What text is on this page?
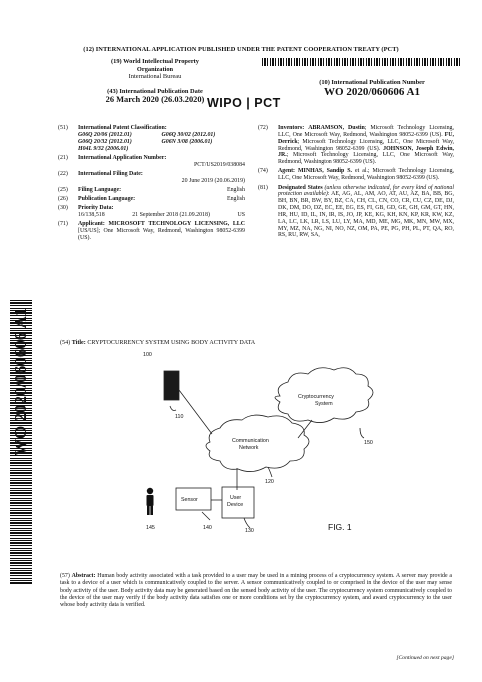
(12) INTERNATIONAL APPLICATION PUBLISHED UNDER THE PATENT COOPERATION TREATY (PCT)
(19) World Intellectual Property
Organization
International Bureau
(43) International Publication Date
26 March 2020 (26.03.2020) WIPO | PCT
(10) International Publication Number
WO 2020/060606 A1
(51) International Patent Classification:
G06Q 20/06 (2012.01)	G06Q 30/02 (2012.01)
G06Q 20/32 (2012.01)	G06N 3/08 (2006.01)
H04L 9/32 (2006.01)
(21) International Application Number:
PCT/US2019/038084
(22) International Filing Date:
20 June 2019 (20.06.2019)
(25) Filing Language:	English
(26) Publication Language:	English
(30) Priority Data:
16/138,518	21 September 2018 (21.09.2018)	US
(71) Applicant: MICROSOFT TECHNOLOGY LICENSING, LLC [US/US]; One Microsoft Way, Redmond, Washington 98052-6399 (US).
(72) Inventors: ABRAMSON, Dustin; Microsoft Technology Licensing, LLC, One Microsoft Way, Redmond, Washington 98052-6399 (US). FU, Derrick; Microsoft Technology Licensing, LLC, One Microsoft Way, Redmond, Washington 98052-6399 (US). JOHNSON, Joseph Edwin, JR.; Microsoft Technology Licensing, LLC, One Microsoft Way, Redmond, Washington 98052-6399 (US).
(74) Agent: MINHAS, Sandip S. et al.; Microsoft Technology Licensing, LLC, One Microsoft Way, Redmond, Washington 98052-6399 (US).
(81) Designated States (unless otherwise indicated, for every kind of national protection available): AE, AG, AL, AM, AO, AT, AU, AZ, BA, BB, BG, BH, BN, BR, BW, BY, BZ, CA, CH, CL, CN, CO, CR, CU, CZ, DE, DJ, DK, DM, DO, DZ, EC, EE, EG, ES, FI, GB, GD, GE, GH, GM, GT, HN, HR, HU, ID, IL, IN, IR, IS, JO, JP, KE, KG, KH, KN, KP, KR, KW, KZ, LA, LC, LK, LR, LS, LU, LY, MA, MD, ME, MG, MK, MN, MW, MX, MY, MZ, NA, NG, NI, NO, NZ, OM, PA, PE, PG, PH, PL, PT, QA, RO, RS, RU, RW, SA,
WO 2020/060606 A1	(54) Title: CRYPTOCURRENCY SYSTEM USING BODY ACTIVITY DATA
100
110
Cryptocurrency
System
150
Communication
Network
120
Sensor	User
Device
145	140	130	FIG. 1
(57) Abstract: Human body activity associated with a task provided to a user may be used in a mining process of a cryptocurrency system. A server may provide a task to a device of a user which is communicatively coupled to the server. A sensor communicatively coupled to or comprised in the device of the user may sense body activity of the user. Body activity data may be generated based on the sensed body activity of the user. The cryptocurrency system communicatively coupled to the device of the user may verify if the body activity data satisfies one or more conditions set by the cryptocurrency system, and award cryptocurrency to the user whose body activity data is verified.
[Continued on next page]
